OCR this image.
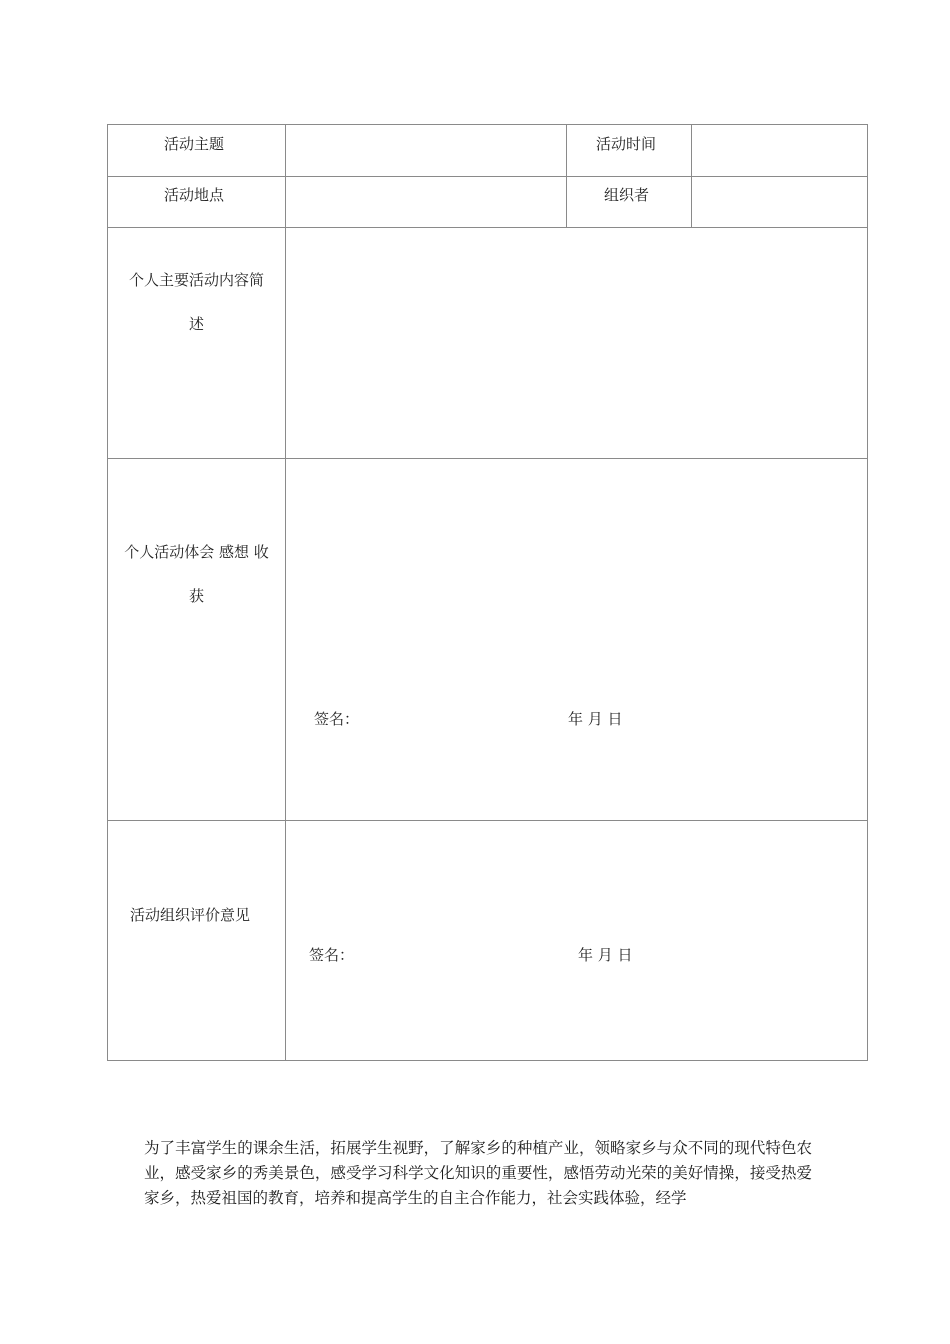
活动主题	活动时间
活动地点	组织者
个人主要活动内容简
述
个人活动体会 感想 收
获
签名：	年 月 日
活动组织评价意见
签名：	年 月 日
为了丰富学生的课余生活，拓展学生视野，了解家乡的种植产业，领略家乡与众不同的现代特色农业，感受家乡的秀美景色，感受学习科学文化知识的重要性，感悟劳动光荣的美好情操，接受热爱家乡，热爱祖国的教育，培养和提高学生的自主合作能力，社会实践体验，经学
